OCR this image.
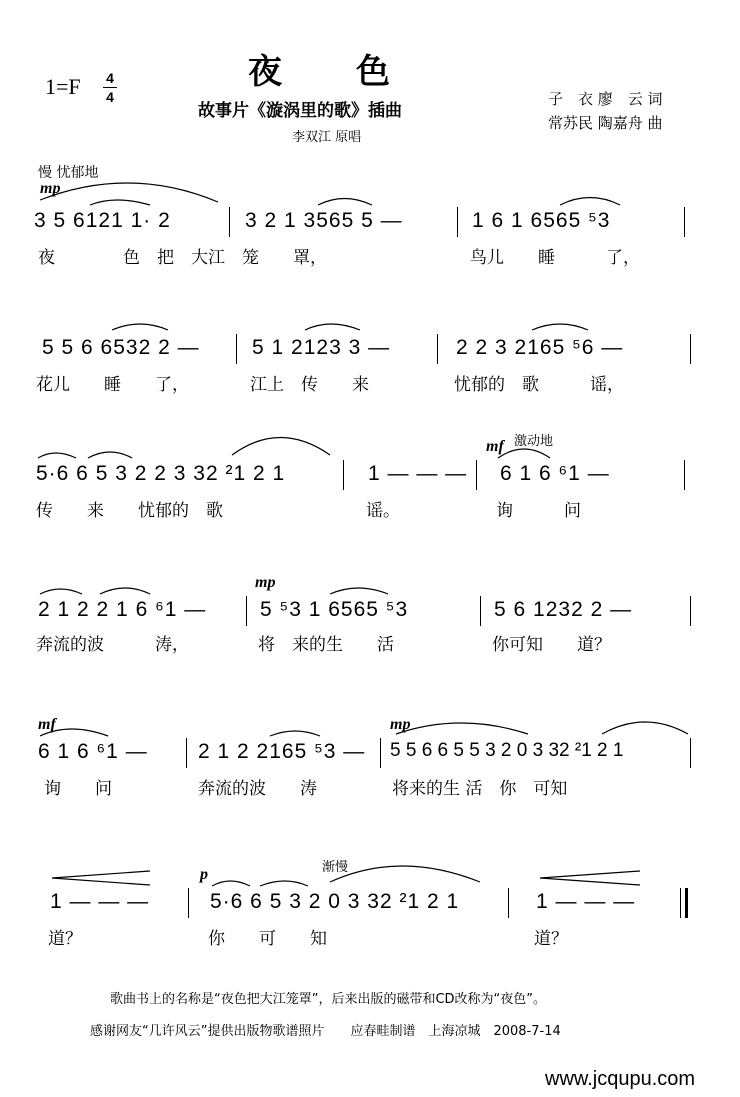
1=F 4
4
夜　　色
故事片《漩涡里的歌》插曲
李双江 原唱
子　衣 廖　云 词
常苏民 陶嘉舟 曲
慢 忧郁地
mp
mf 激动地
mp
mf	mp
p	渐慢
3 5 6121 1· 2	3 2 1 3565 5 —	1 6 1 6565 ⁵3
夜　　　　色　把　大江　笼　　罩，	鸟儿　　睡　　　了，
5 5 6 6532 2 — 5 1 2123 3 —	2 2 3 2165 ⁵6 —
花儿　　睡　　了，	江上　传　　来	忧郁的　歌　　　谣，
5·6 6 5 3 2 2 3 32 ²1 2 1	1 — — — 6 1 6 ⁶1 —
传　　来　　忧郁的　歌	谣。	询　　　问
2 1 2 2 1 6 ⁶1 —	5 ⁵3 1 6565 ⁵3	5 6 1232 2 —
奔流的波　　　涛，	将　来的生　　活	你可知　　道？
6 1 6 ⁶1 — 2 1 2 2165 ⁵3 — 5 5 6 6 5 5 3 2 0 3 32 ²1 2 1
询　　问	奔流的波　　涛	将来的生 活　你　可知
1 — — —	5·6 6 5 3 2 0 3 32 ²1 2 1	1 — — —
道？	你　　可　　知	道？
歌曲书上的名称是“夜色把大江笼罩”，后来出版的磁带和CD改称为“夜色”。
感谢网友“几许风云”提供出版物歌谱照片　　应春畦制谱　上海凉城　2008-7-14
www.jcqupu.com
